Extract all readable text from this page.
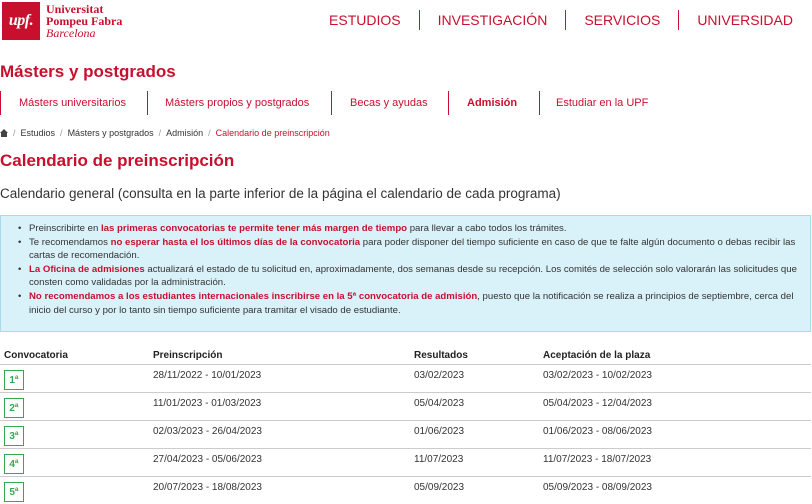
upf.
Universitat
Pompeu Fabra
Barcelona
ESTUDIOS	INVESTIGACIÓN	SERVICIOS	UNIVERSIDAD
Másters y postgrados
Másters universitarios	Másters propios y postgrados	Becas y ayudas	Admisión	Estudiar en la UPF
/ Estudios / Másters y postgrados / Admisión / Calendario de preinscripción
Calendario de preinscripción

Calendario general (consulta en la parte inferior de la página el calendario de cada programa)

• Preinscribirte en las primeras convocatorias te permite tener más margen de tiempo para llevar a cabo todos los trámites.
• Te recomendamos no esperar hasta el los últimos días de la convocatoria para poder disponer del tiempo suficiente en caso de que te falte algún documento o debas recibir las cartas de recomendación.
• La Oficina de admisiones actualizará el estado de tu solicitud en, aproximadamente, dos semanas desde su recepción. Los comités de selección solo valorarán las solicitudes que consten como validadas por la administración.
• No recomendamos a los estudiantes internacionales inscribirse en la 5ª convocatoria de admisión, puesto que la notificación se realiza a principios de septiembre, cerca del inicio del curso y por lo tanto sin tiempo suficiente para tramitar el visado de estudiante.
Convocatoria	Preinscripción	Resultados	Aceptación de la plaza
1ª	28/11/2022 - 10/01/2023	03/02/2023	03/02/2023 - 10/02/2023
2ª	11/01/2023 - 01/03/2023	05/04/2023	05/04/2023 - 12/04/2023
3ª	02/03/2023 - 26/04/2023	01/06/2023	01/06/2023 - 08/06/2023
4ª	27/04/2023 - 05/06/2023	11/07/2023	11/07/2023 - 18/07/2023
5ª	20/07/2023 - 18/08/2023	05/09/2023	05/09/2023 - 08/09/2023
